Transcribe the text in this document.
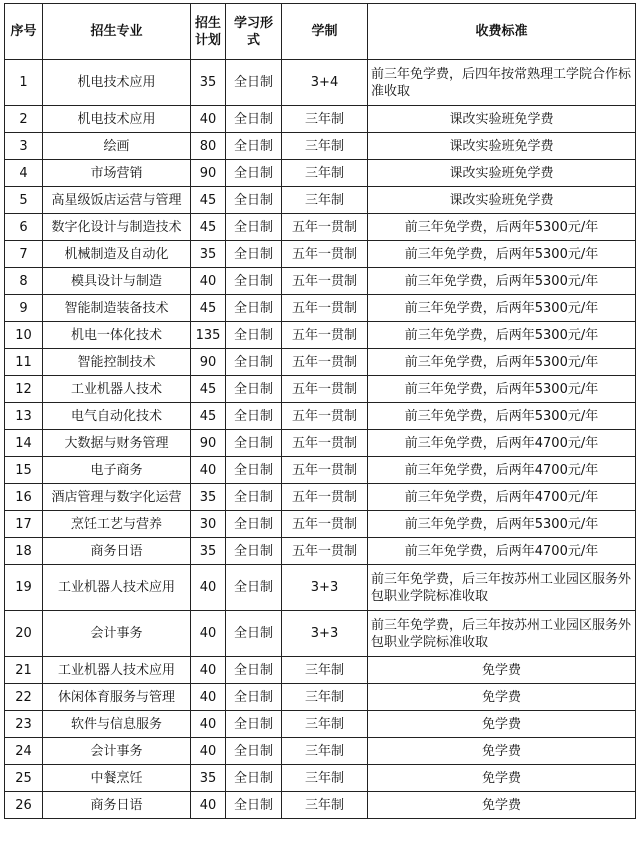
序号	招生专业	招生计划	学习形式	学制	收费标准
1	机电技术应用	35	全日制	3+4	前三年免学费，后四年按常熟理工学院合作标准收取
2	机电技术应用	40	全日制	三年制	课改实验班免学费
3	绘画	80	全日制	三年制	课改实验班免学费
4	市场营销	90	全日制	三年制	课改实验班免学费
5	高星级饭店运营与管理	45	全日制	三年制	课改实验班免学费
6	数字化设计与制造技术	45	全日制	五年一贯制	前三年免学费，后两年5300元/年
7	机械制造及自动化	35	全日制	五年一贯制	前三年免学费，后两年5300元/年
8	模具设计与制造	40	全日制	五年一贯制	前三年免学费，后两年5300元/年
9	智能制造装备技术	45	全日制	五年一贯制	前三年免学费，后两年5300元/年
10	机电一体化技术	135	全日制	五年一贯制	前三年免学费，后两年5300元/年
11	智能控制技术	90	全日制	五年一贯制	前三年免学费，后两年5300元/年
12	工业机器人技术	45	全日制	五年一贯制	前三年免学费，后两年5300元/年
13	电气自动化技术	45	全日制	五年一贯制	前三年免学费，后两年5300元/年
14	大数据与财务管理	90	全日制	五年一贯制	前三年免学费，后两年4700元/年
15	电子商务	40	全日制	五年一贯制	前三年免学费，后两年4700元/年
16	酒店管理与数字化运营	35	全日制	五年一贯制	前三年免学费，后两年4700元/年
17	烹饪工艺与营养	30	全日制	五年一贯制	前三年免学费，后两年5300元/年
18	商务日语	35	全日制	五年一贯制	前三年免学费，后两年4700元/年
19	工业机器人技术应用	40	全日制	3+3	前三年免学费，后三年按苏州工业园区服务外包职业学院标准收取
20	会计事务	40	全日制	3+3	前三年免学费，后三年按苏州工业园区服务外包职业学院标准收取
21	工业机器人技术应用	40	全日制	三年制	免学费
22	休闲体育服务与管理	40	全日制	三年制	免学费
23	软件与信息服务	40	全日制	三年制	免学费
24	会计事务	40	全日制	三年制	免学费
25	中餐烹饪	35	全日制	三年制	免学费
26	商务日语	40	全日制	三年制	免学费
